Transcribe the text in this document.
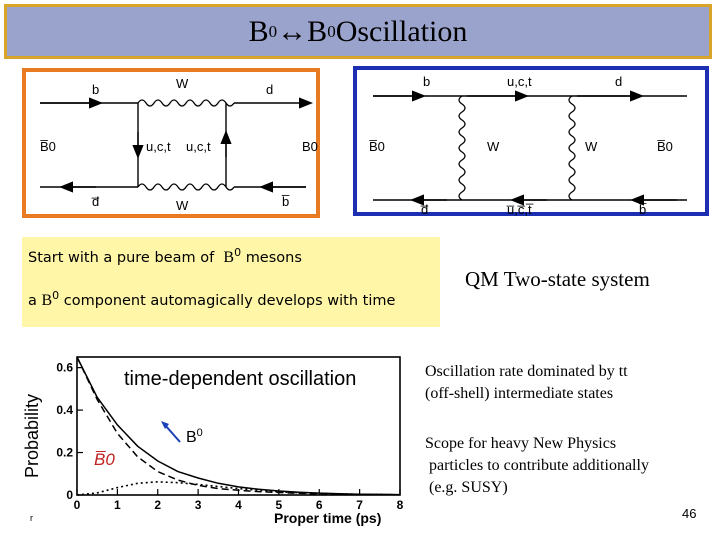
B 0 ↔ B 0 Oscillation
b	W	d
B̅0	u,c,t u,c,t	B0
d̅	W	b̅
b	u,c,t	d
B̅0	W	W	B̅0
d̅	u̅,c̅,t̅	b̅
Start with a pure beam of $B^0$ mesons
a $B^0$ component automagically develops with time
QM Two-state system
0	1	2	3	4	5	6	7	8
0
0.2
0.4
0.6
time-dependent oscillation
$B^0$
B̅0
Proper time (ps)
Probability
r
Oscillation rate dominated by tt
(off-shell) intermediate states
Scope for heavy New Physics
particles to contribute additionally
(e.g. SUSY)
46
